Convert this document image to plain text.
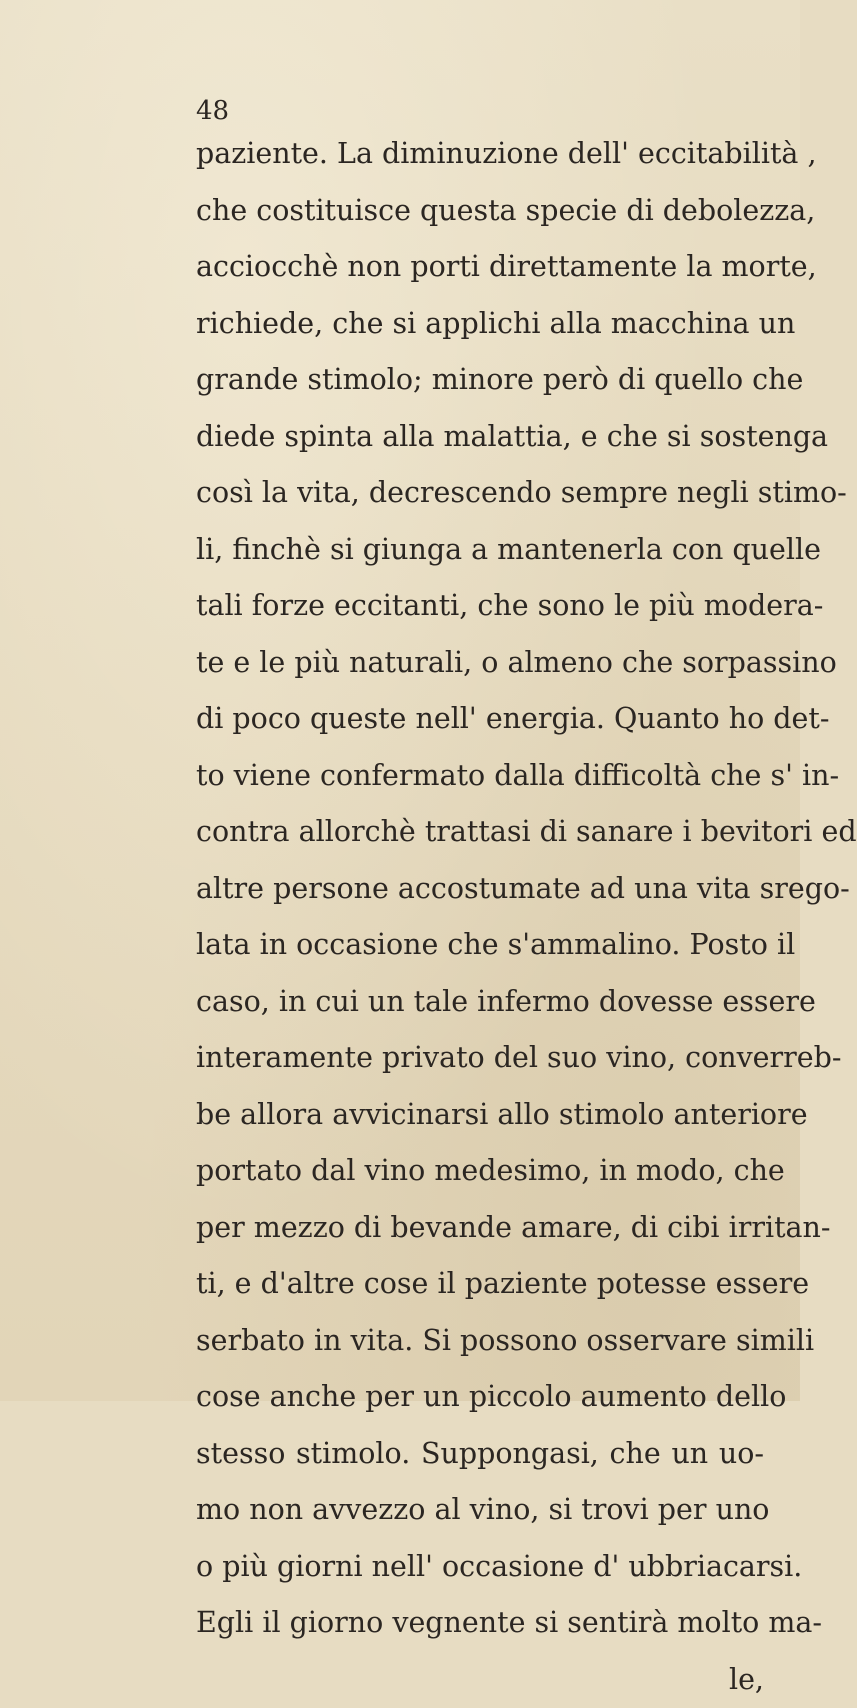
48
paziente. La diminuzione dell' eccitabilità ,
che costituisce questa specie di debolezza,
acciocchè non porti direttamente la morte,
richiede, che si applichi alla macchina un
grande stimolo; minore però di quello che
diede spinta alla malattia, e che si sostenga
così la vita, decrescendo sempre negli stimo-
li, finchè si giunga a mantenerla con quelle
tali forze eccitanti, che sono le più modera-
te e le più naturali, o almeno che sorpassino
di poco queste nell' energia. Quanto ho det-
to viene confermato dalla difficoltà che s' in-
contra allorchè trattasi di sanare i bevitori ed
altre persone accostumate ad una vita srego-
lata in occasione che s'ammalino. Posto il
caso, in cui un tale infermo dovesse essere
interamente privato del suo vino, converreb-
be allora avvicinarsi allo stimolo anteriore
portato dal vino medesimo, in modo, che
per mezzo di bevande amare, di cibi irritan-
ti, e d'altre cose il paziente potesse essere
serbato in vita. Si possono osservare simili
cose anche per un piccolo aumento dello
stesso stimolo. Suppongasi, che un uo-
mo non avvezzo al vino, si trovi per uno
o più giorni nell' occasione d' ubbriacarsi.
Egli il giorno vegnente si sentirà molto ma-
le,
